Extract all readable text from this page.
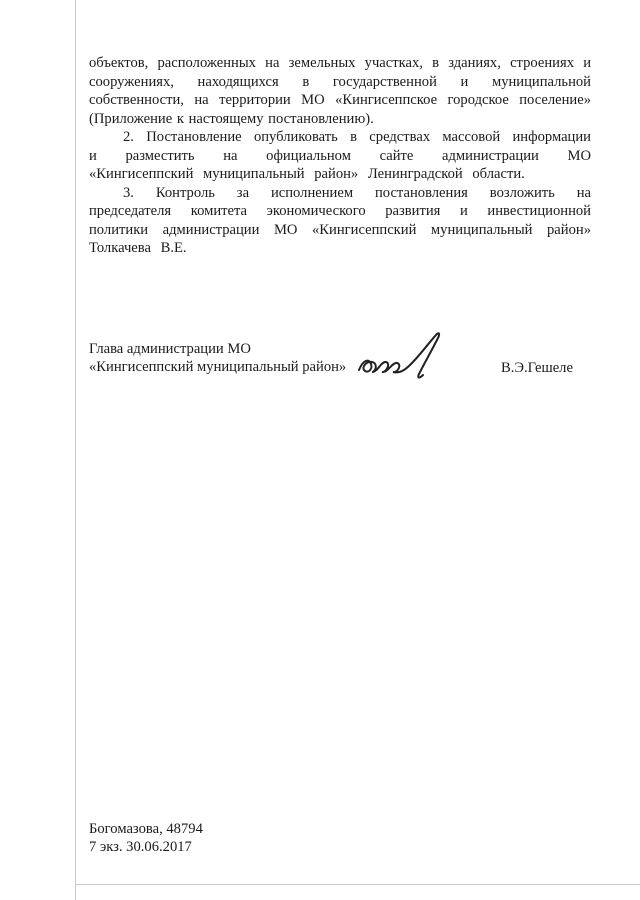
объектов, расположенных на земельных участках, в зданиях, строениях и сооружениях, находящихся в государственной и муниципальной собственности, на территории МО «Кингисеппское городское поселение» (Приложение к настоящему постановлению).

2. Постановление опубликовать в средствах массовой информации и разместить на официальном сайте администрации МО «Кингисеппский муниципальный район» Ленинградской области.

3. Контроль за исполнением постановления возложить на председателя комитета экономического развития и инвестиционной политики администрации МО «Кингисеппский муниципальный район» Толкачева В.Е.

Глава администрации МО
«Кингисеппский муниципальный район»	В.Э.Гешеле
Богомазова, 48794
7 экз. 30.06.2017
